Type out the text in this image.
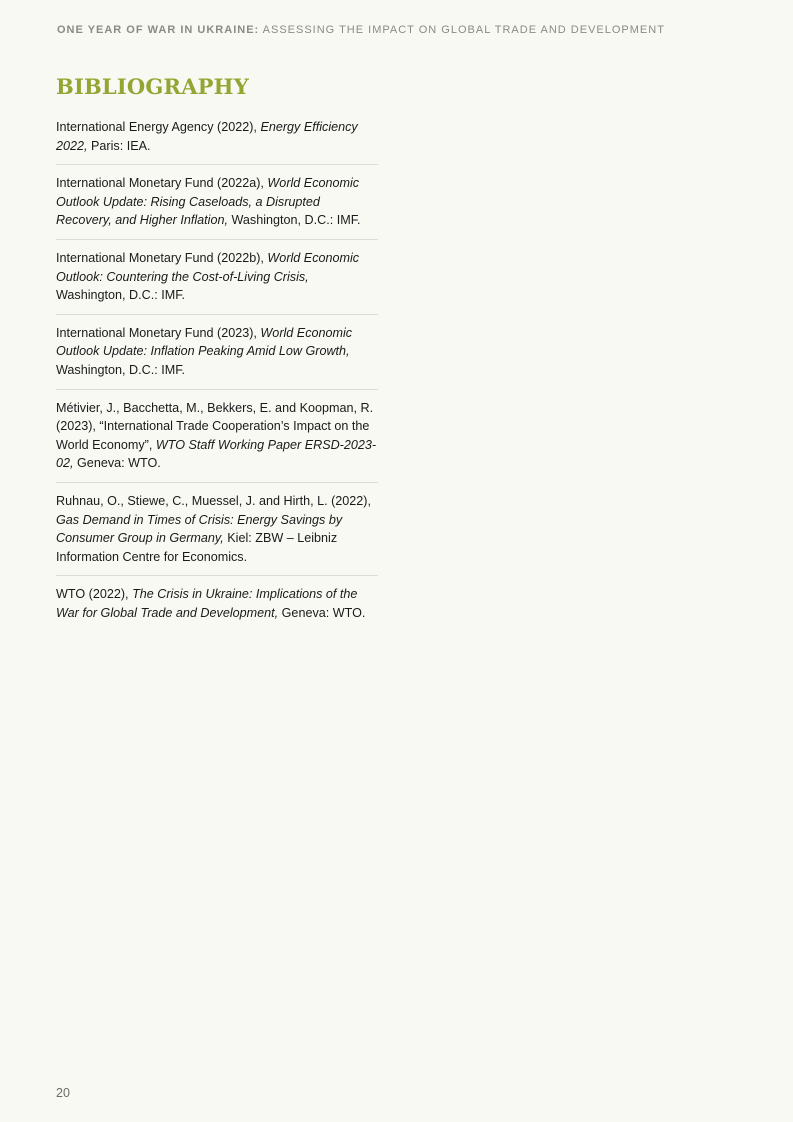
ONE YEAR OF WAR IN UKRAINE: ASSESSING THE IMPACT ON GLOBAL TRADE AND DEVELOPMENT
BIBLIOGRAPHY
International Energy Agency (2022), Energy Efficiency 2022, Paris: IEA.
International Monetary Fund (2022a), World Economic Outlook Update: Rising Caseloads, a Disrupted Recovery, and Higher Inflation, Washington, D.C.: IMF.
International Monetary Fund (2022b), World Economic Outlook: Countering the Cost-of-Living Crisis, Washington, D.C.: IMF.
International Monetary Fund (2023), World Economic Outlook Update: Inflation Peaking Amid Low Growth, Washington, D.C.: IMF.
Métivier, J., Bacchetta, M., Bekkers, E. and Koopman, R. (2023), “International Trade Cooperation’s Impact on the World Economy”, WTO Staff Working Paper ERSD-2023-02, Geneva: WTO.
Ruhnau, O., Stiewe, C., Muessel, J. and Hirth, L. (2022), Gas Demand in Times of Crisis: Energy Savings by Consumer Group in Germany, Kiel: ZBW – Leibniz Information Centre for Economics.
WTO (2022), The Crisis in Ukraine: Implications of the War for Global Trade and Development, Geneva: WTO.
20
